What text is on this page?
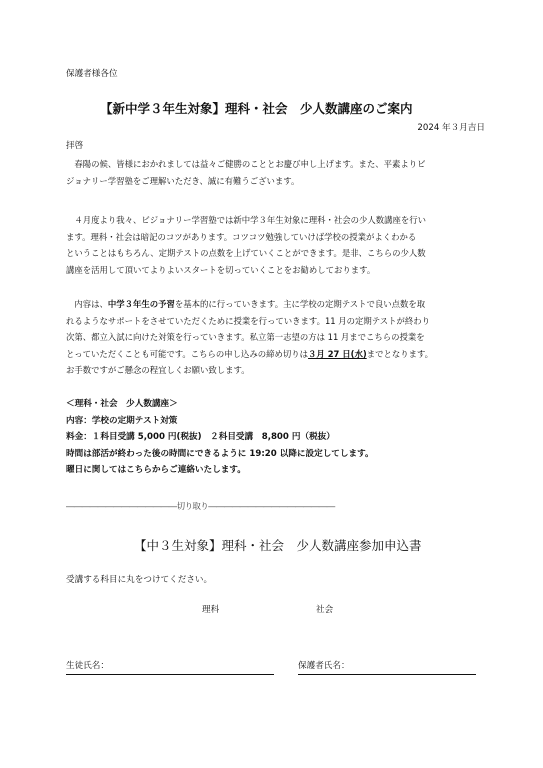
保護者様各位
【新中学３年生対象】理科・社会　少人数講座のご案内
2024 年３月吉日
拝啓

　春陽の候、皆様におかれましては益々ご健勝のこととお慶び申し上げます。また、平素よりビ

ジョナリー学習塾をご理解いただき、誠に有難うございます。

　４月度より我々、ビジョナリー学習塾では新中学３年生対象に理科・社会の少人数講座を行い

ます。理科・社会は暗記のコツがあります。コツコツ勉強していけば学校の授業がよくわかる

ということはもちろん、定期テストの点数を上げていくことができます。是非、こちらの少人数

講座を活用して頂いてよりよいスタートを切っていくことをお勧めしております。

　内容は、中学３年生の予習を基本的に行っていきます。主に学校の定期テストで良い点数を取

れるようなサポートをさせていただくために授業を行っていきます。11 月の定期テストが終わり

次第、都立入試に向けた対策を行っていきます。私立第一志望の方は 11 月までこちらの授業を

とっていただくことも可能です。こちらの申し込みの締め切りは３月 27 日(水)までとなります。

お手数ですがご懸念の程宜しくお願い致します。

＜理科・社会　少人数講座＞

内容：学校の定期テスト対策

料金：１科目受講 5,000 円(税抜)　２科目受講　8,800 円（税抜）

時間は部活が終わった後の時間にできるように 19:20 以降に設定してします。

曜日に関してはこちらからご連絡いたします。

――――――――――――――切り取り――――――――――――――――
【中３生対象】理科・社会　少人数講座参加申込書
受講する科目に丸をつけてください。
理科	社会
生徒氏名：	保護者氏名：
